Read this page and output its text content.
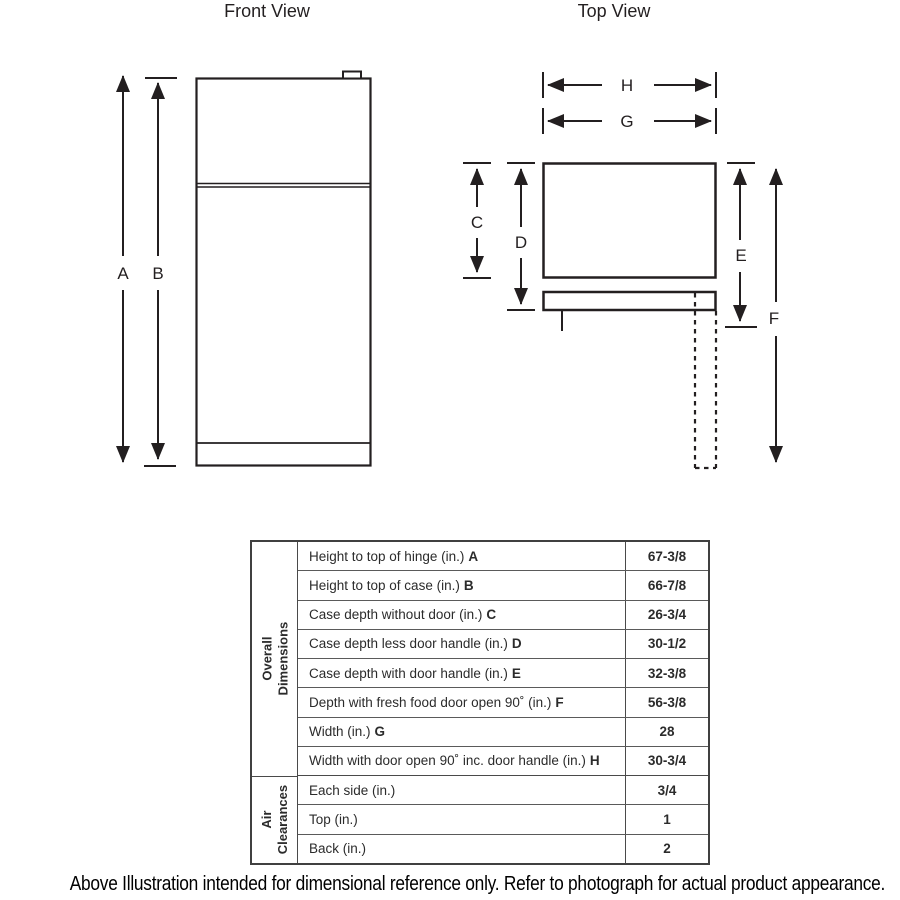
Front View
A B
Top View
H
G
C
D
E
F
Overall Dimensions
Air Clearances
Height to top of hinge (in.) A	67-3/8
Height to top of case (in.) B	66-7/8
Case depth without door (in.) C	26-3/4
Case depth less door handle (in.) D	30-1/2
Case depth with door handle (in.) E	32-3/8
Depth with fresh food door open 90˚ (in.) F	56-3/8
Width (in.) G	28
Width with door open 90˚ inc. door handle (in.) H	30-3/4
Each side (in.)	3/4
Top (in.)	1
Back (in.)	2
Above Illustration intended for dimensional reference only. Refer to photograph for actual product appearance.
